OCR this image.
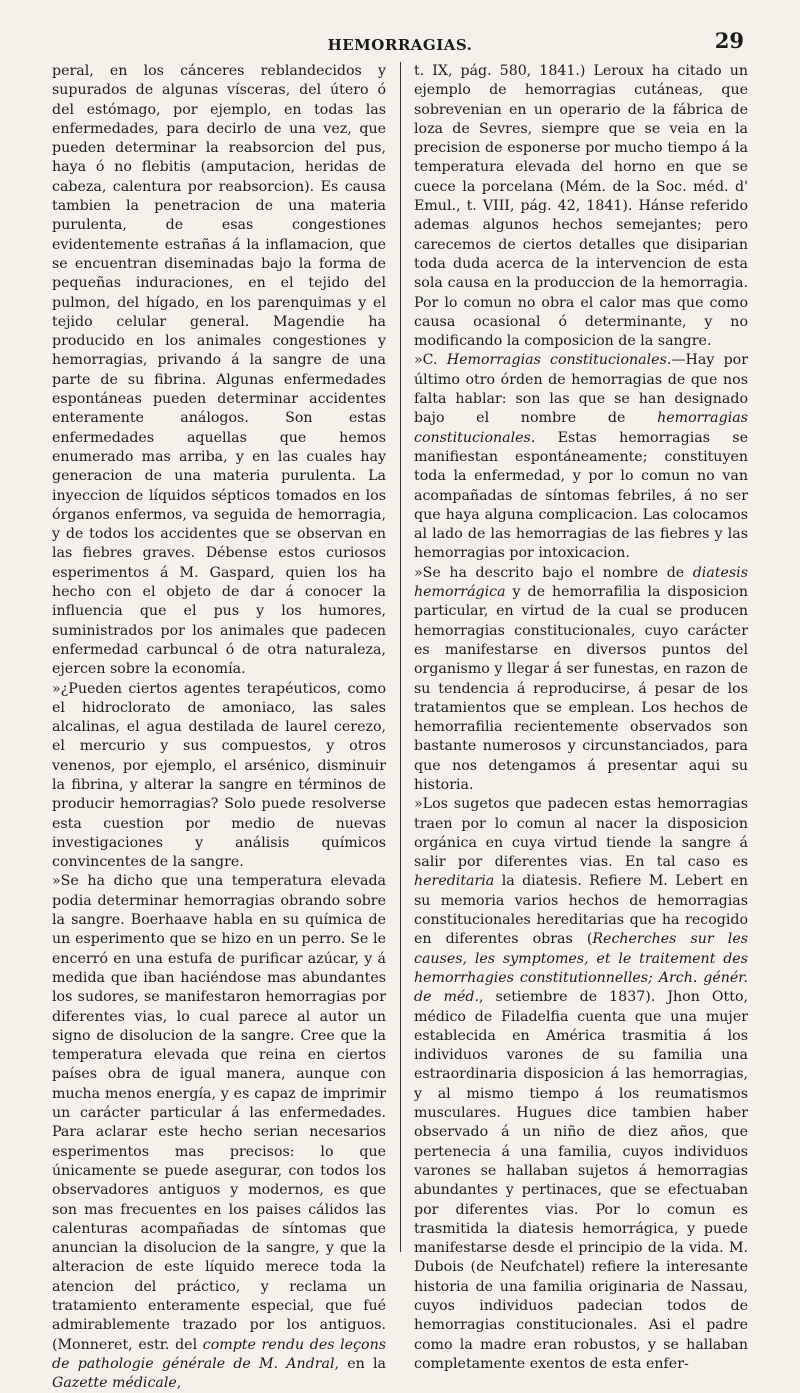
HEMORRAGIAS.	29

peral, en los cánceres reblandecidos y supurados de algunas vísceras, del útero ó del estómago, por ejemplo, en todas las enfermedades, para decirlo de una vez, que pueden determinar la reabsorcion del pus, haya ó no flebitis (amputacion, heridas de cabeza, calentura por reabsorcion). Es causa tambien la penetracion de una materia purulenta, de esas congestiones evidentemente estrañas á la inflamacion, que se encuentran diseminadas bajo la forma de pequeñas induraciones, en el tejido del pulmon, del hígado, en los parenquimas y el tejido celular general. Magendie ha producido en los animales congestiones y hemorragias, privando á la sangre de una parte de su fibrina. Algunas enfermedades espontáneas pueden determinar accidentes enteramente análogos. Son estas enfermedades aquellas que hemos enumerado mas arriba, y en las cuales hay generacion de una materia purulenta. La inyeccion de líquidos sépticos tomados en los órganos enfermos, va seguida de hemorragia, y de todos los accidentes que se observan en las fiebres graves. Débense estos curiosos esperimentos á M. Gaspard, quien los ha hecho con el objeto de dar á conocer la influencia que el pus y los humores, suministrados por los animales que padecen enfermedad carbuncal ó de otra naturaleza, ejercen sobre la economía.
»¿Pueden ciertos agentes terapéuticos, como el hidroclorato de amoniaco, las sales alcalinas, el agua destilada de laurel cerezo, el mercurio y sus compuestos, y otros venenos, por ejemplo, el arsénico, disminuir la fibrina, y alterar la sangre en términos de producir hemorragias? Solo puede resolverse esta cuestion por medio de nuevas investigaciones y análisis químicos convincentes de la sangre.
»Se ha dicho que una temperatura elevada podia determinar hemorragias obrando sobre la sangre. Boerhaave habla en su química de un esperimento que se hizo en un perro. Se le encerró en una estufa de purificar azúcar, y á medida que iban haciéndose mas abundantes los sudores, se manifestaron hemorragias por diferentes vias, lo cual parece al autor un signo de disolucion de la sangre. Cree que la temperatura elevada que reina en ciertos países obra de igual manera, aunque con mucha menos energía, y es capaz de imprimir un carácter particular á las enfermedades. Para aclarar este hecho serian necesarios esperimentos mas precisos: lo que únicamente se puede asegurar, con todos los observadores antiguos y modernos, es que son mas frecuentes en los paises cálidos las calenturas acompañadas de síntomas que anuncian la disolucion de la sangre, y que la alteracion de este líquido merece toda la atencion del práctico, y reclama un tratamiento enteramente especial, que fué admirablemente trazado por los antiguos. (Monneret, estr. del compte rendu des leçons de pathologie générale de M. Andral, en la Gazette médicale,

t. IX, pág. 580, 1841.) Leroux ha citado un ejemplo de hemorragias cutáneas, que sobrevenian en un operario de la fábrica de loza de Sevres, siempre que se veia en la precision de esponerse por mucho tiempo á la temperatura elevada del horno en que se cuece la porcelana (Mém. de la Soc. méd. d' Emul., t. VIII, pág. 42, 1841). Hánse referido ademas algunos hechos semejantes; pero carecemos de ciertos detalles que disiparian toda duda acerca de la intervencion de esta sola causa en la produccion de la hemorragia. Por lo comun no obra el calor mas que como causa ocasional ó determinante, y no modificando la composicion de la sangre.

»C. Hemorragias constitucionales.—Hay por último otro órden de hemorragias de que nos falta hablar: son las que se han designado bajo el nombre de hemorragias constitucionales. Estas hemorragias se manifiestan espontáneamente; constituyen toda la enfermedad, y por lo comun no van acompañadas de síntomas febriles, á no ser que haya alguna complicacion. Las colocamos al lado de las hemorragias de las fiebres y las hemorragias por intoxicacion.

»Se ha descrito bajo el nombre de diatesis hemorrágica y de hemorrafilia la disposicion particular, en virtud de la cual se producen hemorragias constitucionales, cuyo carácter es manifestarse en diversos puntos del organismo y llegar á ser funestas, en razon de su tendencia á reproducirse, á pesar de los tratamientos que se emplean. Los hechos de hemorrafilia recientemente observados son bastante numerosos y circunstanciados, para que nos detengamos á presentar aqui su historia.

»Los sugetos que padecen estas hemorragias traen por lo comun al nacer la disposicion orgánica en cuya virtud tiende la sangre á salir por diferentes vias. En tal caso es hereditaria la diatesis. Refiere M. Lebert en su memoria varios hechos de hemorragias constitucionales hereditarias que ha recogido en diferentes obras (Recherches sur les causes, les symptomes, et le traitement des hemorrhagies constitutionnelles; Arch. génér. de méd., setiembre de 1837). Jhon Otto, médico de Filadelfia cuenta que una mujer establecida en América trasmitia á los individuos varones de su familia una estraordinaria disposicion á las hemorragias, y al mismo tiempo á los reumatismos musculares. Hugues dice tambien haber observado á un niño de diez años, que pertenecia á una familia, cuyos individuos varones se hallaban sujetos á hemorragias abundantes y pertinaces, que se efectuaban por diferentes vias. Por lo comun es trasmitida la diatesis hemorrágica, y puede manifestarse desde el principio de la vida. M. Dubois (de Neufchatel) refiere la interesante historia de una familia originaria de Nassau, cuyos individuos padecian todos de hemorragias constitucionales. Asi el padre como la madre eran robustos, y se hallaban completamente exentos de esta enfer-
